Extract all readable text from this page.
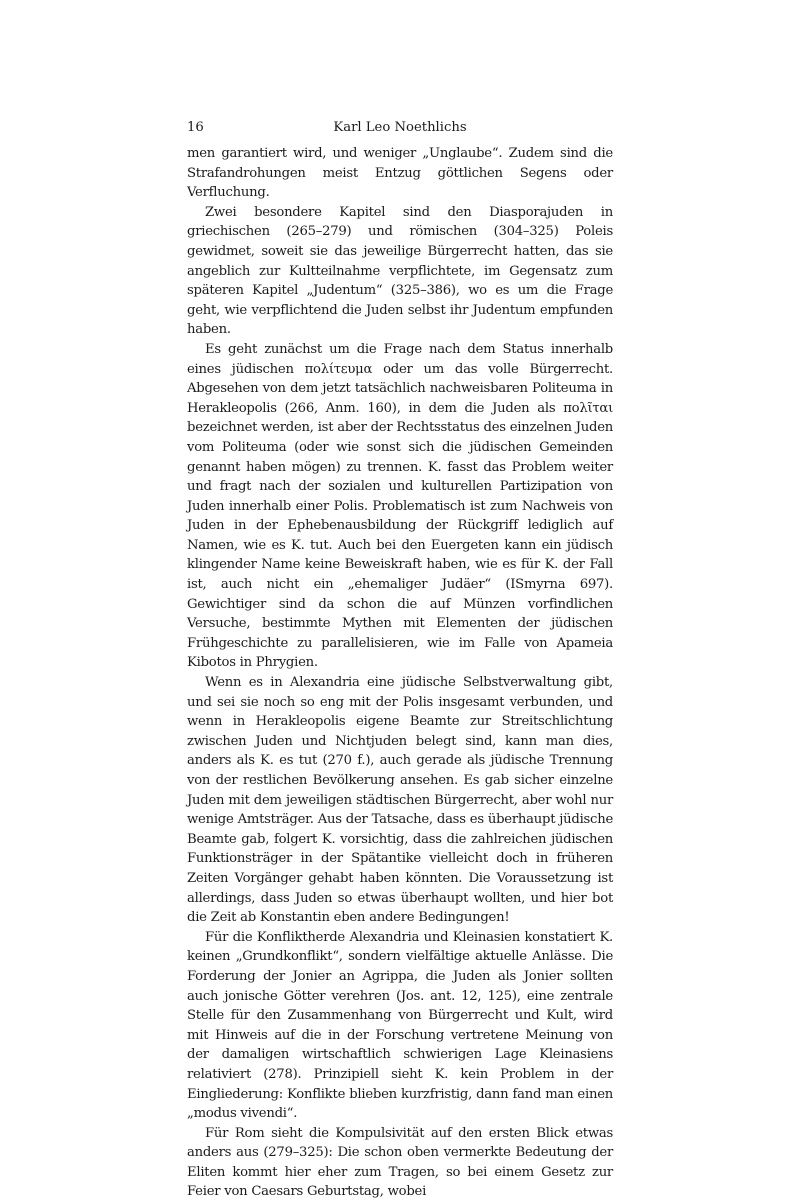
16	Karl Leo Noethlichs

men garantiert wird, und weniger „Unglaube“. Zudem sind die Strafandrohungen meist Entzug göttlichen Segens oder Verfluchung.

Zwei besondere Kapitel sind den Diasporajuden in griechischen (265–279) und römischen (304–325) Poleis gewidmet, soweit sie das jeweilige Bürgerrecht hatten, das sie angeblich zur Kultteilnahme verpflichtete, im Gegensatz zum späteren Kapitel „Judentum“ (325–386), wo es um die Frage geht, wie verpflichtend die Juden selbst ihr Judentum empfunden haben.

Es geht zunächst um die Frage nach dem Status innerhalb eines jüdischen πολίτευμα oder um das volle Bürgerrecht. Abgesehen von dem jetzt tatsächlich nachweisbaren Politeuma in Herakleopolis (266, Anm. 160), in dem die Juden als πολῖται bezeichnet werden, ist aber der Rechtsstatus des einzelnen Juden vom Politeuma (oder wie sonst sich die jüdischen Gemeinden genannt haben mögen) zu trennen. K. fasst das Problem weiter und fragt nach der sozialen und kulturellen Partizipation von Juden innerhalb einer Polis. Problematisch ist zum Nachweis von Juden in der Ephebenausbildung der Rückgriff lediglich auf Namen, wie es K. tut. Auch bei den Euergeten kann ein jüdisch klingender Name keine Beweiskraft haben, wie es für K. der Fall ist, auch nicht ein „ehemaliger Judäer“ (ISmyrna 697). Gewichtiger sind da schon die auf Münzen vorfindlichen Versuche, bestimmte Mythen mit Elementen der jüdischen Frühgeschichte zu parallelisieren, wie im Falle von Apameia Kibotos in Phrygien.

Wenn es in Alexandria eine jüdische Selbstverwaltung gibt, und sei sie noch so eng mit der Polis insgesamt verbunden, und wenn in Herakleopolis eigene Beamte zur Streitschlichtung zwischen Juden und Nichtjuden belegt sind, kann man dies, anders als K. es tut (270 f.), auch gerade als jüdische Trennung von der restlichen Bevölkerung ansehen. Es gab sicher einzelne Juden mit dem jeweiligen städtischen Bürgerrecht, aber wohl nur wenige Amtsträger. Aus der Tatsache, dass es überhaupt jüdische Beamte gab, folgert K. vorsichtig, dass die zahlreichen jüdischen Funktionsträger in der Spätantike vielleicht doch in früheren Zeiten Vorgänger gehabt haben könnten. Die Voraussetzung ist allerdings, dass Juden so etwas überhaupt wollten, und hier bot die Zeit ab Konstantin eben andere Bedingungen!

Für die Konfliktherde Alexandria und Kleinasien konstatiert K. keinen „Grundkonflikt“, sondern vielfältige aktuelle Anlässe. Die Forderung der Jonier an Agrippa, die Juden als Jonier sollten auch jonische Götter verehren (Jos. ant. 12, 125), eine zentrale Stelle für den Zusammenhang von Bürgerrecht und Kult, wird mit Hinweis auf die in der Forschung vertretene Meinung von der damaligen wirtschaftlich schwierigen Lage Kleinasiens relativiert (278). Prinzipiell sieht K. kein Problem in der Eingliederung: Konflikte blieben kurzfristig, dann fand man einen „modus vivendi“.

Für Rom sieht die Kompulsivität auf den ersten Blick etwas anders aus (279–325): Die schon oben vermerkte Bedeutung der Eliten kommt hier eher zum Tragen, so bei einem Gesetz zur Feier von Caesars Geburtstag, wobei
